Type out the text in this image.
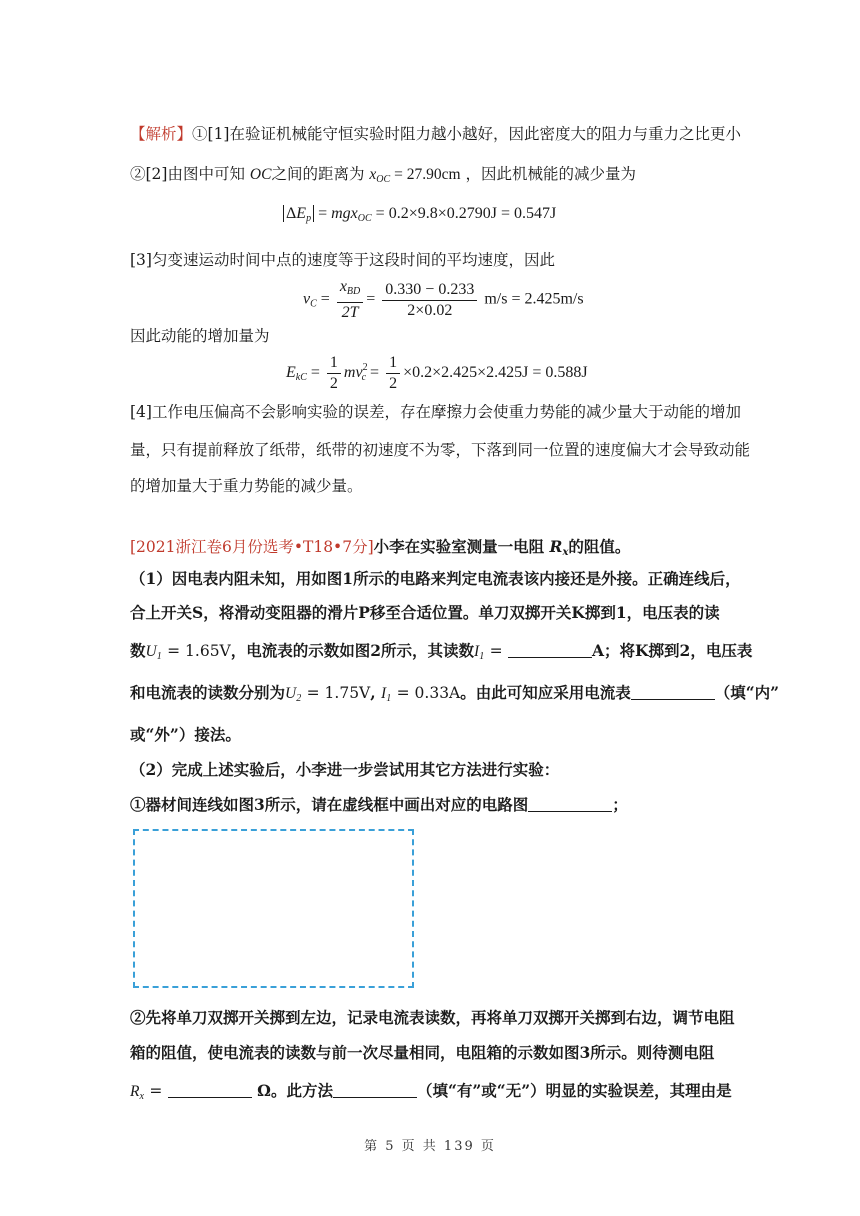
【解析】①[1]在验证机械能守恒实验时阻力越小越好，因此密度大的阻力与重力之比更小
②[2]由图中可知 OC之间的距离为 $x_{OC} = 27.90cm$ ，因此机械能的减少量为
$\Delta E_p = mgx_{OC} = 0.2\times 9.8\times 0.2790J = 0.547J$
[3]匀变速运动时间中点的速度等于这段时间的平均速度，因此
$v_C = \frac{x_{BD}}{2T} = \frac{0.330 - 0.233}{2\times 0.02} m/s = 2.425m/s$
因此动能的增加量为
$E_{kC} = \frac{1}{2} mv^2_c = \frac{1}{2} \times 0.2\times 2.425\times 2.425J = 0.588J$
[4]工作电压偏高不会影响实验的误差，存在摩擦力会使重力势能的减少量大于动能的增加
量，只有提前释放了纸带，纸带的初速度不为零，下落到同一位置的速度偏大才会导致动能
的增加量大于重力势能的减少量。
[2021浙江卷6月份选考•T18•7分]小李在实验室测量一电阻 $R_x$的阻值。
（1）因电表内阻未知，用如图1所示的电路来判定电流表该内接还是外接。正确连线后，
合上开关S，将滑动变阻器的滑片P移至合适位置。单刀双掷开关K掷到1，电压表的读
数$U_1 = 1.65V$，电流表的示数如图2所示，其读数$I_1$ =	A；将K掷到2，电压表
和电流表的读数分别为$U_2 = 1.75V$, $I_1 = 0.33A$。由此可知应采用电流表	（填“内”
或“外”）接法。
（2）完成上述实验后，小李进一步尝试用其它方法进行实验：
①器材间连线如图3所示，请在虚线框中画出对应的电路图	；
②先将单刀双掷开关掷到左边，记录电流表读数，再将单刀双掷开关掷到右边，调节电阻
箱的阻值，使电流表的读数与前一次尽量相同，电阻箱的示数如图3所示。则待测电阻
$R_x$ =	Ω。此方法	（填“有”或“无”）明显的实验误差，其理由是
第 5 页 共 139 页
